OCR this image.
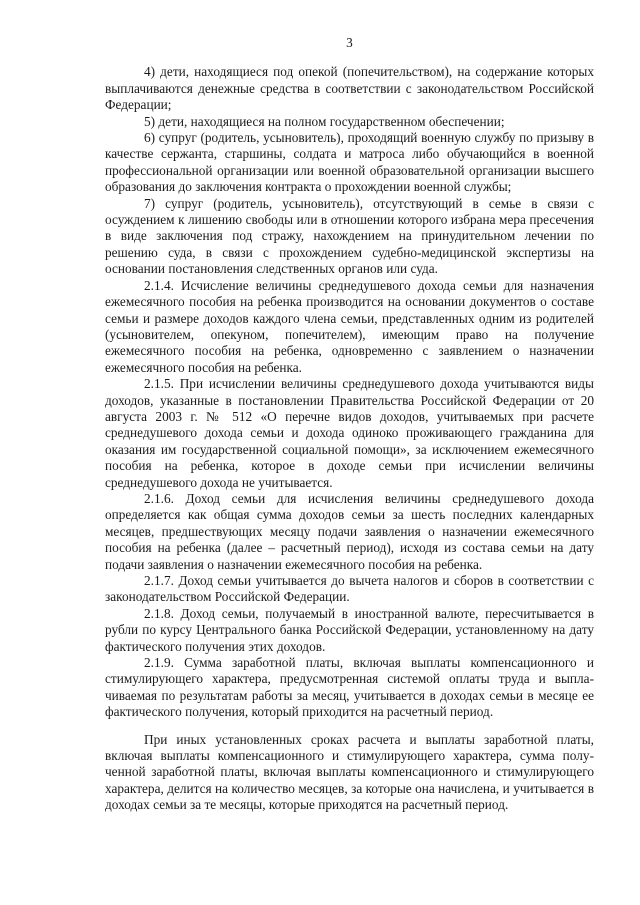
3

4) дети, находящиеся под опекой (попечительством), на содержание которых выплачиваются денежные средства в соответствии с законодательством Российской Федерации;

5) дети, находящиеся на полном государственном обеспечении;

6) супруг (родитель, усыновитель), проходящий военную службу по призыву в качестве сержанта, старшины, солдата и матроса либо обучающийся в военной профессиональной организации или военной образовательной организации высшего образования до заключения контракта о прохождении военной службы;

7) супруг (родитель, усыновитель), отсутствующий в семье в связи с осуждением к лишению свободы или в отношении которого избрана мера пресечения в виде заключения под стражу, нахождением на принудительном лечении по решению суда, в связи с прохождением судебно-медицинской экспертизы на основании постановления следственных органов или суда.

2.1.4. Исчисление величины среднедушевого дохода семьи для назначения ежемесячного пособия на ребенка производится на основании документов о составе семьи и размере доходов каждого члена семьи, представленных одним из родителей (усыновителем, опекуном, попечителем), имеющим право на получение ежемесячного пособия на ребенка, одновременно с заявлением о назначении ежемесячного пособия на ребенка.

2.1.5. При исчислении величины среднедушевого дохода учитываются виды доходов, указанные в постановлении Правительства Российской Федерации от 20 августа 2003 г. № 512 «О перечне видов доходов, учитываемых при расчете среднедушевого дохода семьи и дохода одиноко проживающего гражданина для оказания им государственной социальной помощи», за исключением ежемесячного пособия на ребенка, которое в доходе семьи при исчислении величины среднедушевого дохода не учитывается.

2.1.6. Доход семьи для исчисления величины среднедушевого дохода определяется как общая сумма доходов семьи за шесть последних календарных месяцев, предшествующих месяцу подачи заявления о назначении ежемесячного пособия на ребенка (далее – расчетный период), исходя из состава семьи на дату подачи заявления о назначении ежемесячного пособия на ребенка.

2.1.7. Доход семьи учитывается до вычета налогов и сборов в соответствии с законодательством Российской Федерации.

2.1.8. Доход семьи, получаемый в иностранной валюте, пересчитывается в рубли по курсу Центрального банка Российской Федерации, установленному на дату фактического получения этих доходов.

2.1.9. Сумма заработной платы, включая выплаты компенсационного и стимулирующего характера, предусмотренная системой оплаты труда и выплачиваемая по результатам работы за месяц, учитывается в доходах семьи в месяце ее фактического получения, который приходится на расчетный период.

При иных установленных сроках расчета и выплаты заработной платы, включая выплаты компенсационного и стимулирующего характера, сумма полученной заработной платы, включая выплаты компенсационного и стимулирующего характера, делится на количество месяцев, за которые она начислена, и учитывается в доходах семьи за те месяцы, которые приходятся на расчетный период.
